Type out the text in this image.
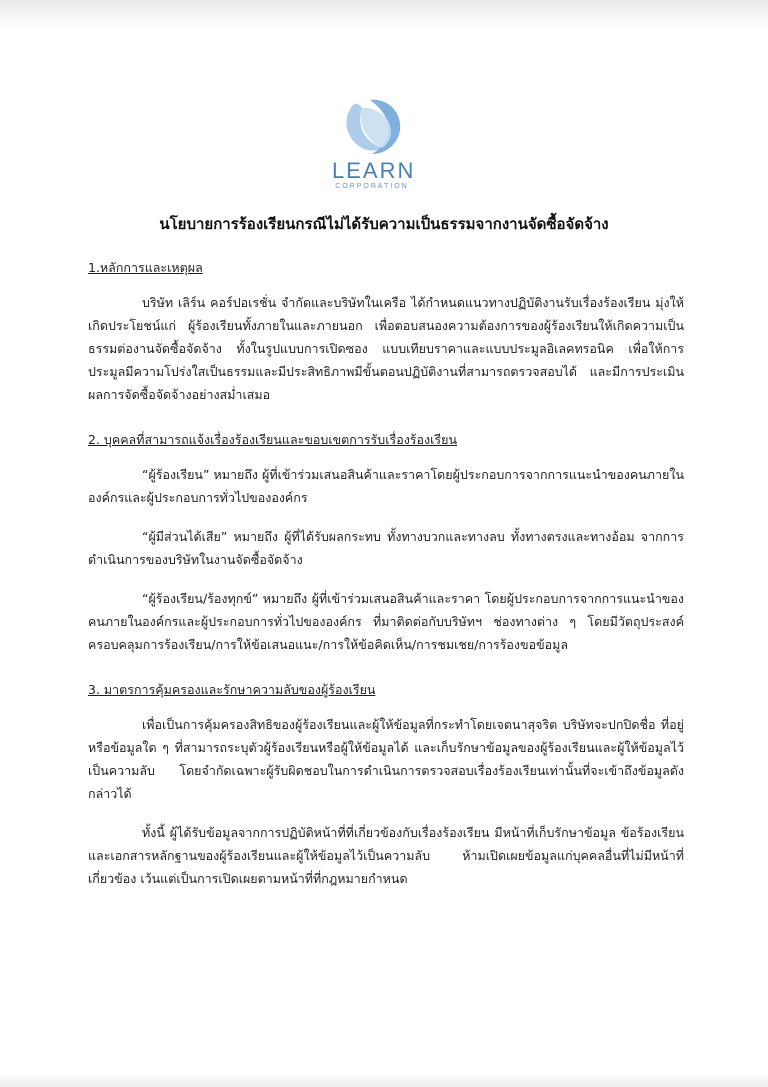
LEARN
CORPORATION
นโยบายการร้องเรียนกรณีไม่ได้รับความเป็นธรรมจากงานจัดซื้อจัดจ้าง
1.หลักการและเหตุผล

บริษัท เลิร์น คอร์ปอเรชั่น จำกัดและบริษัทในเครือ ได้กำหนดแนวทางปฏิบัติงานรับเรื่องร้องเรียน มุ่งให้เกิดประโยชน์แก่ ผู้ร้องเรียนทั้งภายในและภายนอก เพื่อตอบสนองความต้องการของผู้ร้องเรียนให้เกิดความเป็นธรรมต่องานจัดซื้อจัดจ้าง ทั้งในรูปแบบการเปิดซอง แบบเทียบราคาและแบบประมูลอิเลคทรอนิค เพื่อให้การประมูลมีความโปร่งใสเป็นธรรมและมีประสิทธิภาพมีขั้นตอนปฏิบัติงานที่สามารถตรวจสอบได้ และมีการประเมินผลการจัดซื้อจัดจ้างอย่างสม่ำเสมอ

2. บุคคลที่สามารถแจ้งเรื่องร้องเรียนและขอบเขตการรับเรื่องร้องเรียน

“ผู้ร้องเรียน” หมายถึง ผู้ที่เข้าร่วมเสนอสินค้าและราคาโดยผู้ประกอบการจากการแนะนำของคนภายในองค์กรและผู้ประกอบการทั่วไปขององค์กร

“ผู้มีส่วนได้เสีย” หมายถึง ผู้ที่ได้รับผลกระทบ ทั้งทางบวกและทางลบ ทั้งทางตรงและทางอ้อม จากการดำเนินการของบริษัทในงานจัดซื้อจัดจ้าง

“ผู้ร้องเรียน/ร้องทุกข์” หมายถึง ผู้ที่เข้าร่วมเสนอสินค้าและราคา โดยผู้ประกอบการจากการแนะนำของคนภายในองค์กรและผู้ประกอบการทั่วไปขององค์กร ที่มาติดต่อกับบริษัทฯ ช่องทางต่าง ๆ โดยมีวัตถุประสงค์ครอบคลุมการร้องเรียน/การให้ข้อเสนอแนะ/การให้ข้อคิดเห็น/การชมเชย/การร้องขอข้อมูล

3. มาตรการคุ้มครองและรักษาความลับของผู้ร้องเรียน

เพื่อเป็นการคุ้มครองสิทธิของผู้ร้องเรียนและผู้ให้ข้อมูลที่กระทำโดยเจตนาสุจริต บริษัทจะปกปิดชื่อ ที่อยู่ หรือข้อมูลใด ๆ ที่สามารถระบุตัวผู้ร้องเรียนหรือผู้ให้ข้อมูลได้ และเก็บรักษาข้อมูลของผู้ร้องเรียนและผู้ให้ข้อมูลไว้เป็นความลับ โดยจำกัดเฉพาะผู้รับผิดชอบในการดำเนินการตรวจสอบเรื่องร้องเรียนเท่านั้นที่จะเข้าถึงข้อมูลดังกล่าวได้

ทั้งนี้ ผู้ได้รับข้อมูลจากการปฏิบัติหน้าที่ที่เกี่ยวข้องกับเรื่องร้องเรียน มีหน้าที่เก็บรักษาข้อมูล ข้อร้องเรียน และเอกสารหลักฐานของผู้ร้องเรียนและผู้ให้ข้อมูลไว้เป็นความลับ ห้ามเปิดเผยข้อมูลแก่บุคคลอื่นที่ไม่มีหน้าที่เกี่ยวข้อง เว้นแต่เป็นการเปิดเผยตามหน้าที่ที่กฎหมายกำหนด
